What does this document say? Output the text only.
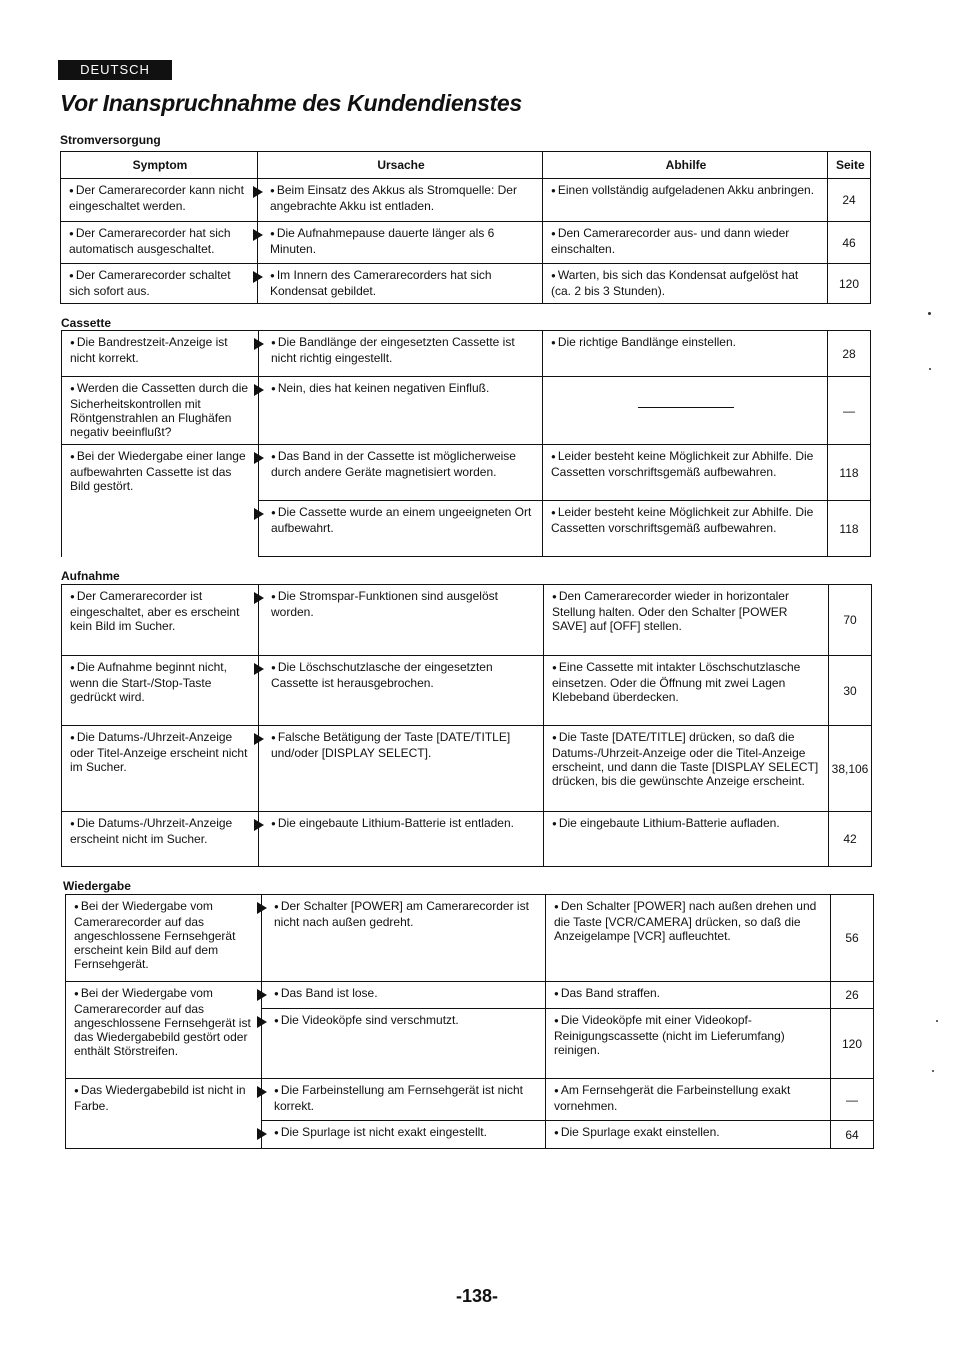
DEUTSCH
Vor Inanspruchnahme des Kundendienstes

Stromversorgung

Symptom	Ursache	Abhilfe	Seite
● Der Camerarecorder kann nicht eingeschaltet werden.	● Beim Einsatz des Akkus als Stromquelle: Der angebrachte Akku ist entladen.	● Einen vollständig aufgeladenen Akku anbringen.	24
● Der Camerarecorder hat sich automatisch ausgeschaltet.	● Die Aufnahmepause dauerte länger als 6 Minuten.	● Den Camerarecorder aus- und dann wieder einschalten.	46
● Der Camerarecorder schaltet sich sofort aus.	● Im Innern des Camerarecorders hat sich Kondensat gebildet.	● Warten, bis sich das Kondensat aufgelöst hat (ca. 2 bis 3 Stunden).	120

Cassette

● Die Bandrestzeit-Anzeige ist nicht korrekt.	● Die Bandlänge der eingesetzten Cassette ist nicht richtig eingestellt.	● Die richtige Bandlänge einstellen.	28
● Werden die Cassetten durch die Sicherheitskontrollen mit Röntgenstrahlen an Flughäfen negativ beeinflußt?	● Nein, dies hat keinen negativen Einfluß.		—
● Bei der Wiedergabe einer lange aufbewahrten Cassette ist das Bild gestört.	● Das Band in der Cassette ist möglicherweise durch andere Geräte magnetisiert worden.	● Leider besteht keine Möglichkeit zur Abhilfe. Die Cassetten vorschriftsgemäß aufbewahren.	118

● Die Cassette wurde an einem ungeeigneten Ort aufbewahrt.	● Leider besteht keine Möglichkeit zur Abhilfe. Die Cassetten vorschriftsgemäß aufbewahren.	118

Aufnahme

● Der Camerarecorder ist eingeschaltet, aber es erscheint kein Bild im Sucher.	● Die Stromspar-Funktionen sind ausgelöst worden.	● Den Camerarecorder wieder in horizontaler Stellung halten. Oder den Schalter [POWER SAVE] auf [OFF] stellen.	70
● Die Aufnahme beginnt nicht, wenn die Start-/Stop-Taste gedrückt wird.	● Die Löschschutzlasche der eingesetzten Cassette ist herausgebrochen.	● Eine Cassette mit intakter Löschschutzlasche einsetzen. Oder die Öffnung mit zwei Lagen Klebeband überdecken.	30
● Die Datums-/Uhrzeit-Anzeige oder Titel-Anzeige erscheint nicht im Sucher.	● Falsche Betätigung der Taste [DATE/TITLE] und/oder [DISPLAY SELECT].	● Die Taste [DATE/TITLE] drücken, so daß die Datums-/Uhrzeit-Anzeige oder die Titel-Anzeige erscheint, und dann die Taste [DISPLAY SELECT] drücken, bis die gewünschte Anzeige erscheint.	38,106
● Die Datums-/Uhrzeit-Anzeige erscheint nicht im Sucher.	● Die eingebaute Lithium-Batterie ist entladen.	● Die eingebaute Lithium-Batterie aufladen.	42

Wiedergabe

● Bei der Wiedergabe vom Camerarecorder auf das angeschlossene Fernsehgerät erscheint kein Bild auf dem Fernsehgerät.	● Der Schalter [POWER] am Camerarecorder ist nicht nach außen gedreht.	● Den Schalter [POWER] nach außen drehen und die Taste [VCR/CAMERA] drücken, so daß die Anzeigelampe [VCR] aufleuchtet.	56
● Bei der Wiedergabe vom Camerarecorder auf das angeschlossene Fernsehgerät ist das Wiedergabebild gestört oder enthält Störstreifen.	● Das Band ist lose.	● Das Band straffen.	26

● Die Videoköpfe sind verschmutzt.	● Die Videoköpfe mit einer Videokopf-Reinigungscassette (nicht im Lieferumfang) reinigen.	120
● Das Wiedergabebild ist nicht in Farbe.	● Die Farbeinstellung am Fernsehgerät ist nicht korrekt.	● Am Fernsehgerät die Farbeinstellung exakt vornehmen.	—

● Die Spurlage ist nicht exakt eingestellt.	● Die Spurlage exakt einstellen.	64
-138-
